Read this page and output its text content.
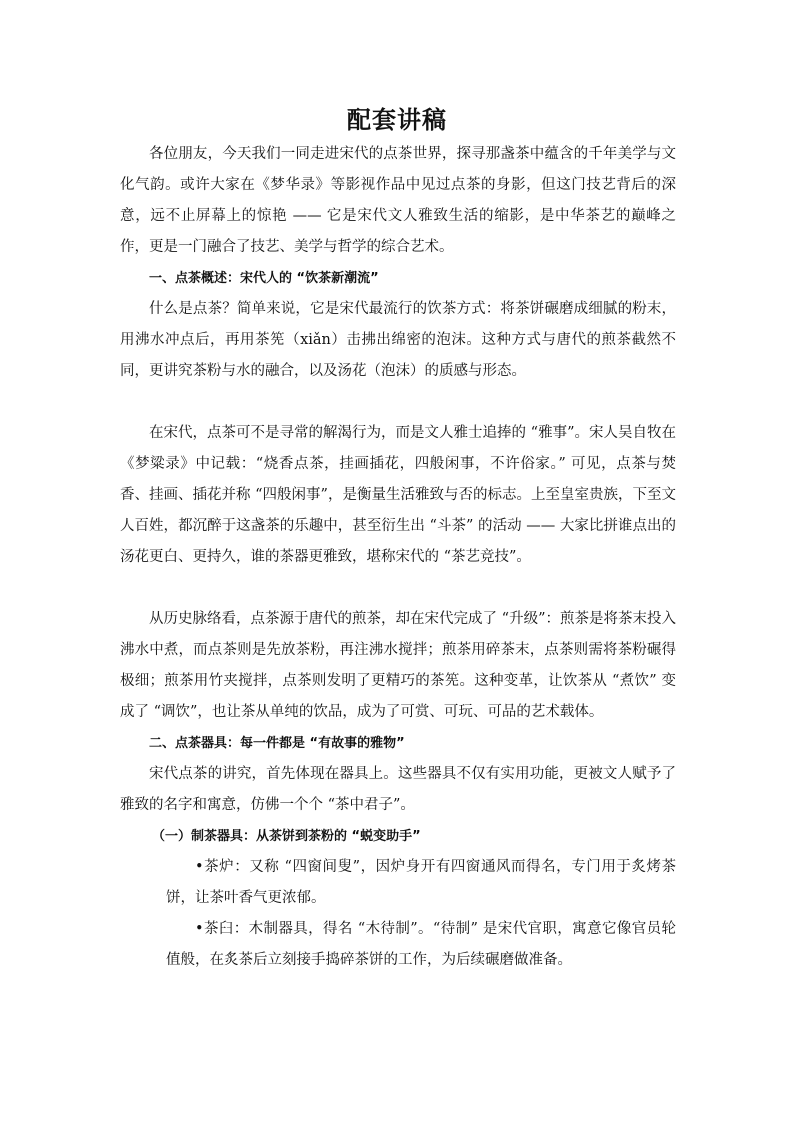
配套讲稿

各位朋友，今天我们一同走进宋代的点茶世界，探寻那盏茶中蕴含的千年美学与文化气韵。或许大家在《梦华录》等影视作品中见过点茶的身影，但这门技艺背后的深意，远不止屏幕上的惊艳 —— 它是宋代文人雅致生活的缩影，是中华茶艺的巅峰之作，更是一门融合了技艺、美学与哲学的综合艺术。

一、点茶概述：宋代人的 “饮茶新潮流”

什么是点茶？简单来说，它是宋代最流行的饮茶方式：将茶饼碾磨成细腻的粉末，用沸水冲点后，再用茶筅（xiǎn）击拂出绵密的泡沫。这种方式与唐代的煎茶截然不同，更讲究茶粉与水的融合，以及汤花（泡沫）的质感与形态。

在宋代，点茶可不是寻常的解渴行为，而是文人雅士追捧的 “雅事”。宋人吴自牧在《梦粱录》中记载：“烧香点茶，挂画插花，四般闲事，不许俗家。” 可见，点茶与焚香、挂画、插花并称 “四般闲事”，是衡量生活雅致与否的标志。上至皇室贵族，下至文人百姓，都沉醉于这盏茶的乐趣中，甚至衍生出 “斗茶” 的活动 —— 大家比拼谁点出的汤花更白、更持久，谁的茶器更雅致，堪称宋代的 “茶艺竞技”。

从历史脉络看，点茶源于唐代的煎茶，却在宋代完成了 “升级”：煎茶是将茶末投入沸水中煮，而点茶则是先放茶粉，再注沸水搅拌；煎茶用碎茶末，点茶则需将茶粉碾得极细；煎茶用竹夹搅拌，点茶则发明了更精巧的茶筅。这种变革，让饮茶从 “煮饮” 变成了 “调饮”，也让茶从单纯的饮品，成为了可赏、可玩、可品的艺术载体。

二、点茶器具：每一件都是 “有故事的雅物”

宋代点茶的讲究，首先体现在器具上。这些器具不仅有实用功能，更被文人赋予了雅致的名字和寓意，仿佛一个个 “茶中君子”。

（一）制茶器具：从茶饼到茶粉的 “蜕变助手”

•茶炉：又称 “四窗间叟”，因炉身开有四窗通风而得名，专门用于炙烤茶饼，让茶叶香气更浓郁。

•茶臼：木制器具，得名 “木待制”。“待制” 是宋代官职，寓意它像官员轮值般，在炙茶后立刻接手捣碎茶饼的工作，为后续碾磨做准备。
